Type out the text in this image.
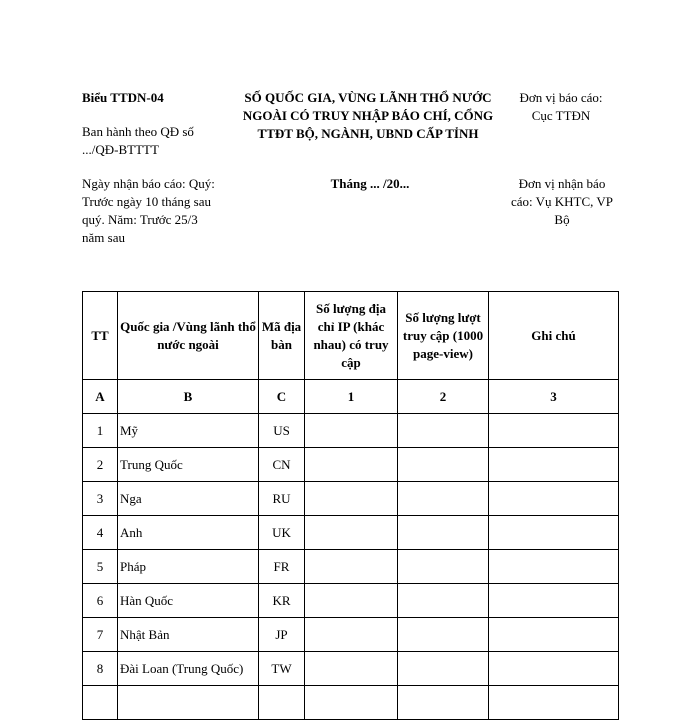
Biểu TTDN-04
Ban hành theo QĐ số
.../QĐ-BTTTT
SỐ QUỐC GIA, VÙNG LÃNH THỔ NƯỚC
NGOÀI CÓ TRUY NHẬP BÁO CHÍ, CỔNG
TTĐT BỘ, NGÀNH, UBND CẤP TỈNH
Đơn vị báo cáo:
Cục TTĐN
Ngày nhận báo cáo: Quý:
Trước ngày 10 tháng sau
quý. Năm: Trước 25/3
năm sau
Tháng ... /20...	Đơn vị nhận báo
cáo: Vụ KHTC, VP
Bộ
TT	Quốc gia /Vùng lãnh thổ nước ngoài	Mã địa bàn	Số lượng địa chỉ IP (khác nhau) có truy cập	Số lượng lượt truy cập (1000 page-view)	Ghi chú
A	B	C	1	2	3
1	Mỹ	US			
2	Trung Quốc	CN			
3	Nga	RU			
4	Anh	UK			
5	Pháp	FR			
6	Hàn Quốc	KR			
7	Nhật Bản	JP			
8	Đài Loan (Trung Quốc)	TW			
